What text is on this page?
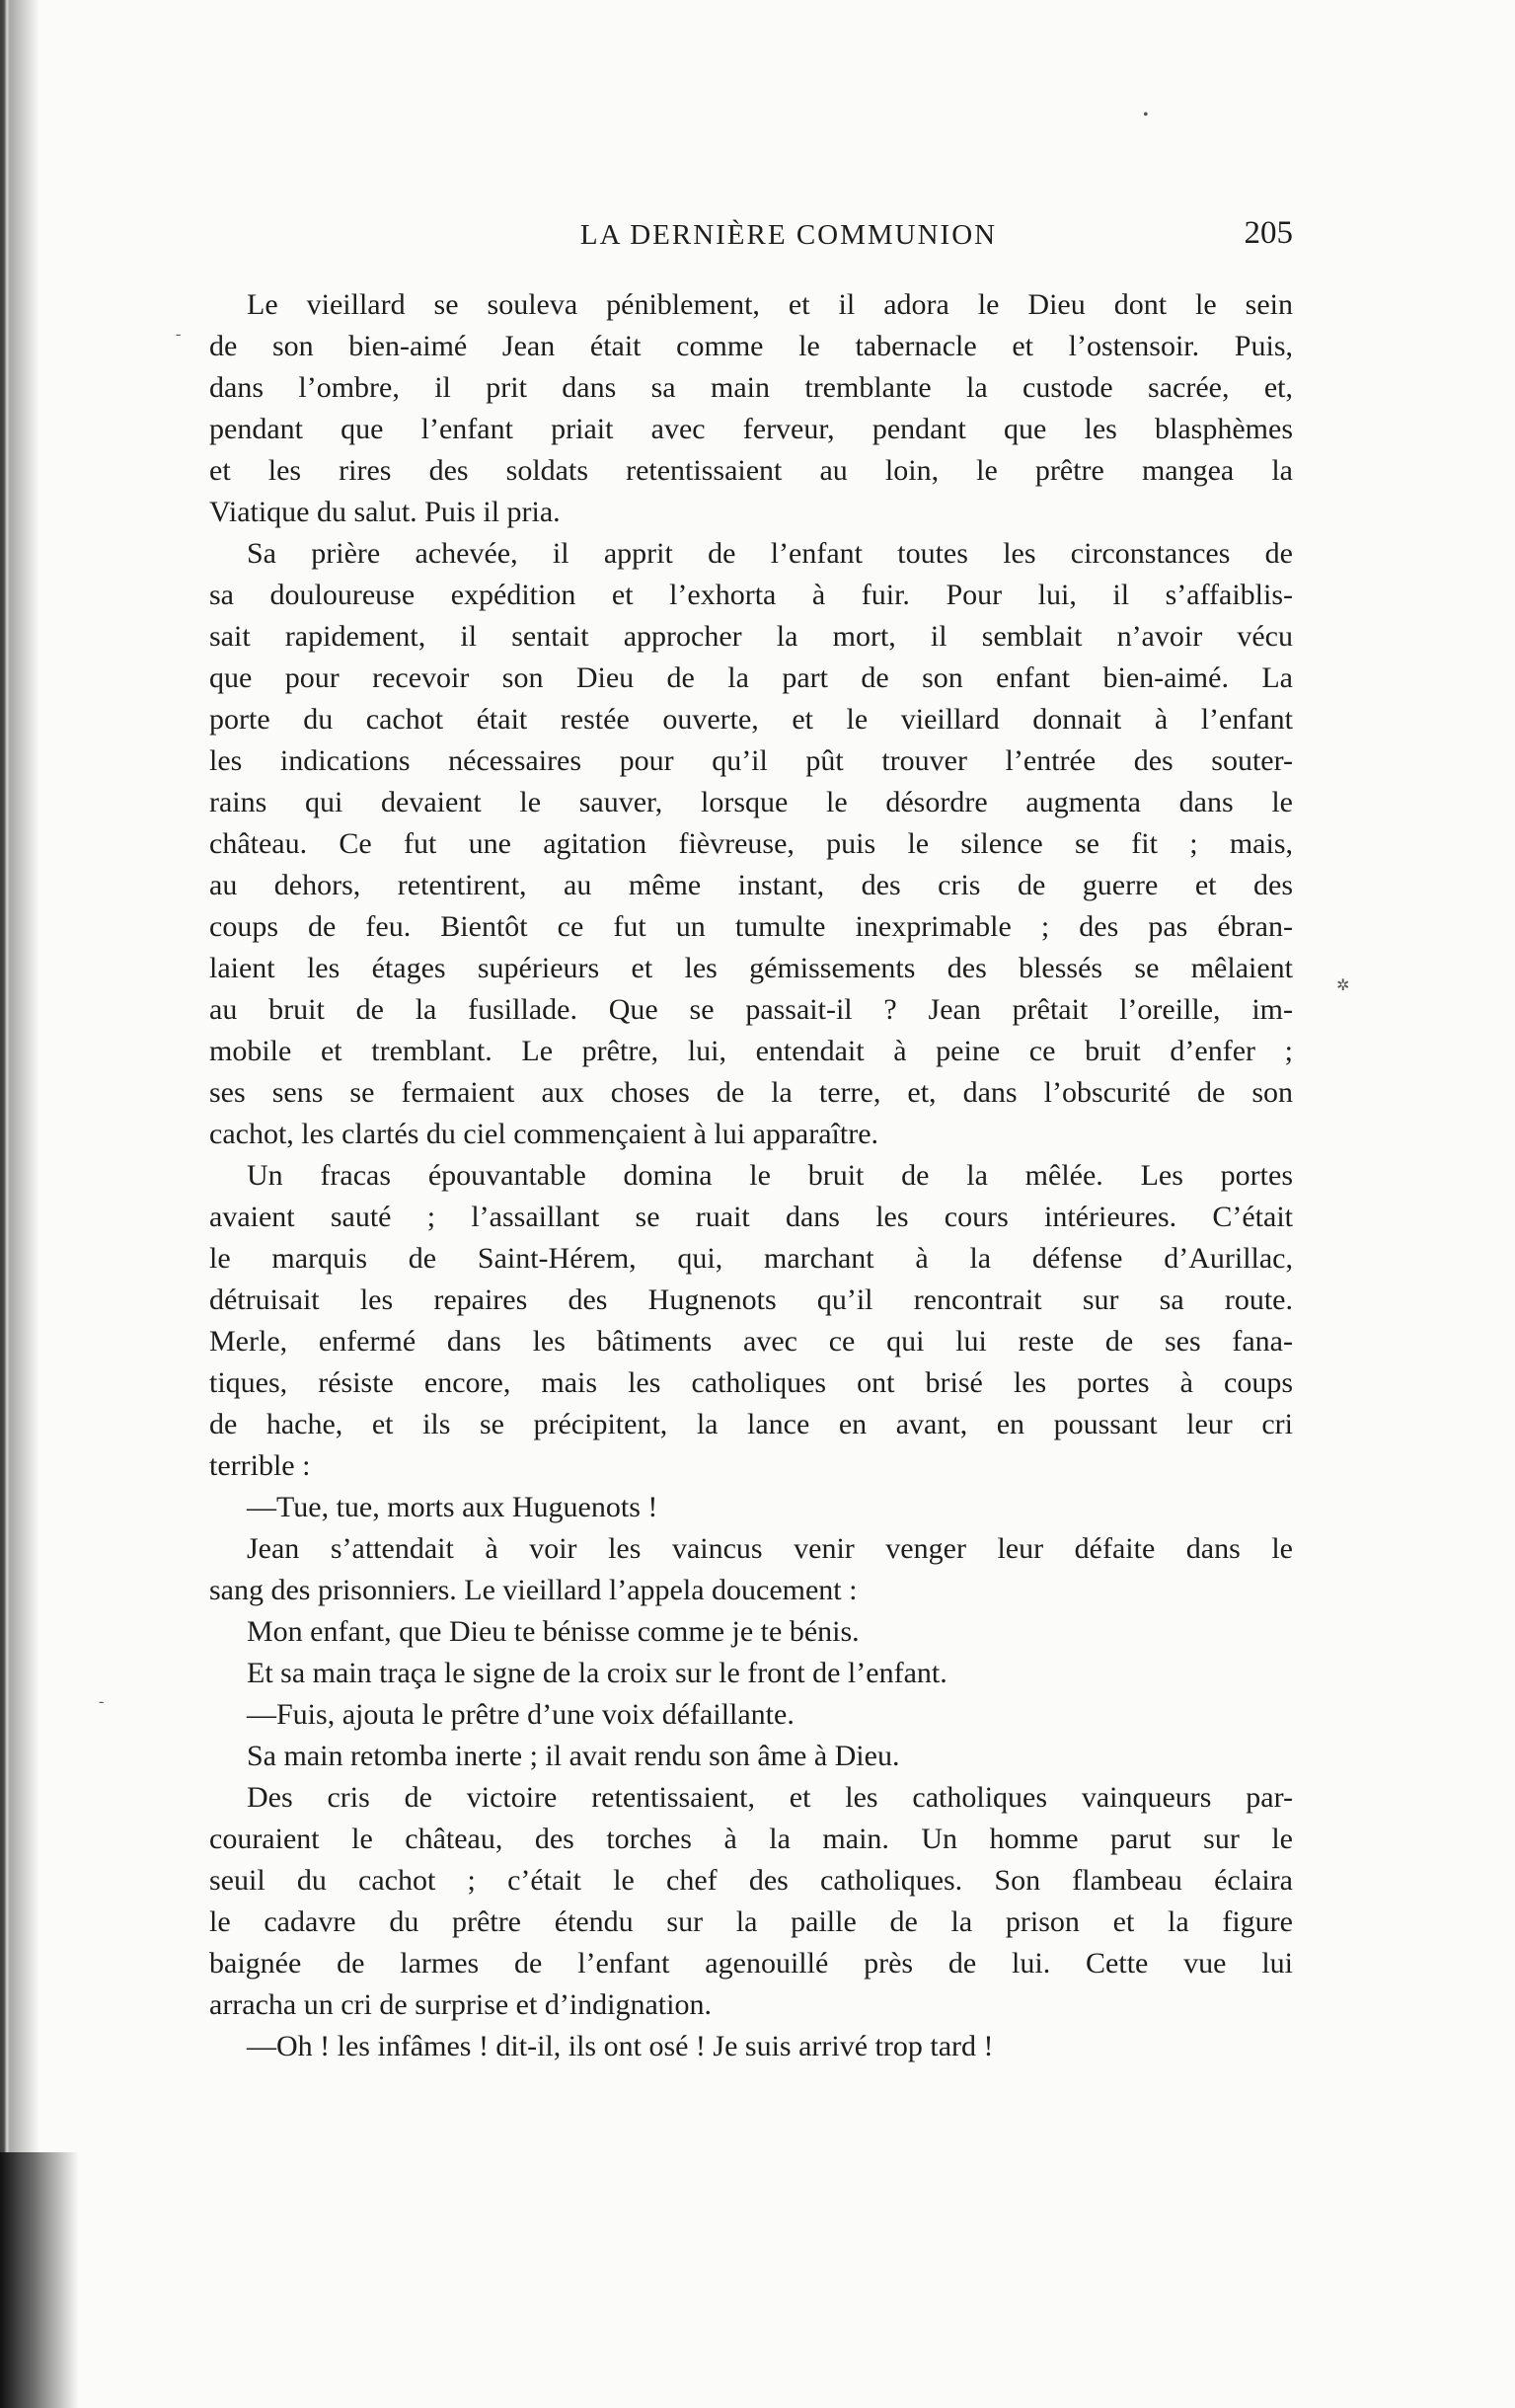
LA DERNIÈRE COMMUNION	205
•
-
✲
-
Le vieillard se souleva péniblement, et il adora le Dieu dont le sein
de son bien-aimé Jean était comme le tabernacle et l’ostensoir. Puis,
dans l’ombre, il prit dans sa main tremblante la custode sacrée, et,
pendant que l’enfant priait avec ferveur, pendant que les blasphèmes
et les rires des soldats retentissaient au loin, le prêtre mangea la
Viatique du salut. Puis il pria.
Sa prière achevée, il apprit de l’enfant toutes les circonstances de
sa douloureuse expédition et l’exhorta à fuir. Pour lui, il s’affaiblis-
sait rapidement, il sentait approcher la mort, il semblait n’avoir vécu
que pour recevoir son Dieu de la part de son enfant bien-aimé. La
porte du cachot était restée ouverte, et le vieillard donnait à l’enfant
les indications nécessaires pour qu’il pût trouver l’entrée des souter-
rains qui devaient le sauver, lorsque le désordre augmenta dans le
château. Ce fut une agitation fièvreuse, puis le silence se fit ; mais,
au dehors, retentirent, au même instant, des cris de guerre et des
coups de feu. Bientôt ce fut un tumulte inexprimable ; des pas ébran-
laient les étages supérieurs et les gémissements des blessés se mêlaient
au bruit de la fusillade. Que se passait-il ? Jean prêtait l’oreille, im-
mobile et tremblant. Le prêtre, lui, entendait à peine ce bruit d’enfer ;
ses sens se fermaient aux choses de la terre, et, dans l’obscurité de son
cachot, les clartés du ciel commençaient à lui apparaître.
Un fracas épouvantable domina le bruit de la mêlée. Les portes
avaient sauté ; l’assaillant se ruait dans les cours intérieures. C’était
le marquis de Saint-Hérem, qui, marchant à la défense d’Aurillac,
détruisait les repaires des Hugnenots qu’il rencontrait sur sa route.
Merle, enfermé dans les bâtiments avec ce qui lui reste de ses fana-
tiques, résiste encore, mais les catholiques ont brisé les portes à coups
de hache, et ils se précipitent, la lance en avant, en poussant leur cri
terrible :
—Tue, tue, morts aux Huguenots !
Jean s’attendait à voir les vaincus venir venger leur défaite dans le
sang des prisonniers. Le vieillard l’appela doucement :
Mon enfant, que Dieu te bénisse comme je te bénis.
Et sa main traça le signe de la croix sur le front de l’enfant.
—Fuis, ajouta le prêtre d’une voix défaillante.
Sa main retomba inerte ; il avait rendu son âme à Dieu.
Des cris de victoire retentissaient, et les catholiques vainqueurs par-
couraient le château, des torches à la main. Un homme parut sur le
seuil du cachot ; c’était le chef des catholiques. Son flambeau éclaira
le cadavre du prêtre étendu sur la paille de la prison et la figure
baignée de larmes de l’enfant agenouillé près de lui. Cette vue lui
arracha un cri de surprise et d’indignation.
—Oh ! les infâmes ! dit-il, ils ont osé ! Je suis arrivé trop tard !
